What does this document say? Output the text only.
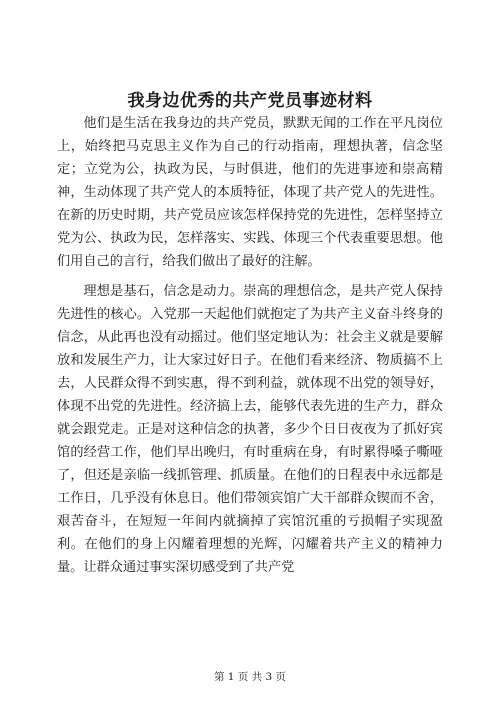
我身边优秀的共产党员事迹材料

他们是生活在我身边的共产党员，默默无闻的工作在平凡岗位上，始终把马克思主义作为自己的行动指南，理想执著，信念坚定；立党为公，执政为民，与时俱进，他们的先进事迹和崇高精神，生动体现了共产党人的本质特征，体现了共产党人的先进性。在新的历史时期，共产党员应该怎样保持党的先进性，怎样坚持立党为公、执政为民，怎样落实、实践、体现三个代表重要思想。他们用自己的言行，给我们做出了最好的注解。

理想是基石，信念是动力。崇高的理想信念，是共产党人保持先进性的核心。入党那一天起他们就抱定了为共产主义奋斗终身的信念，从此再也没有动摇过。他们坚定地认为：社会主义就是要解放和发展生产力，让大家过好日子。在他们看来经济、物质搞不上去，人民群众得不到实惠，得不到利益，就体现不出党的领导好，体现不出党的先进性。经济搞上去，能够代表先进的生产力，群众就会跟党走。正是对这种信念的执著，多少个日日夜夜为了抓好宾馆的经营工作，他们早出晚归，有时重病在身，有时累得嗓子嘶哑了，但还是亲临一线抓管理、抓质量。在他们的日程表中永远都是工作日，几乎没有休息日。他们带领宾馆广大干部群众锲而不舍，艰苦奋斗，在短短一年间内就摘掉了宾馆沉重的亏损帽子实现盈利。在他们的身上闪耀着理想的光辉，闪耀着共产主义的精神力量。让群众通过事实深切感受到了共产党

第 1 页 共 3 页
